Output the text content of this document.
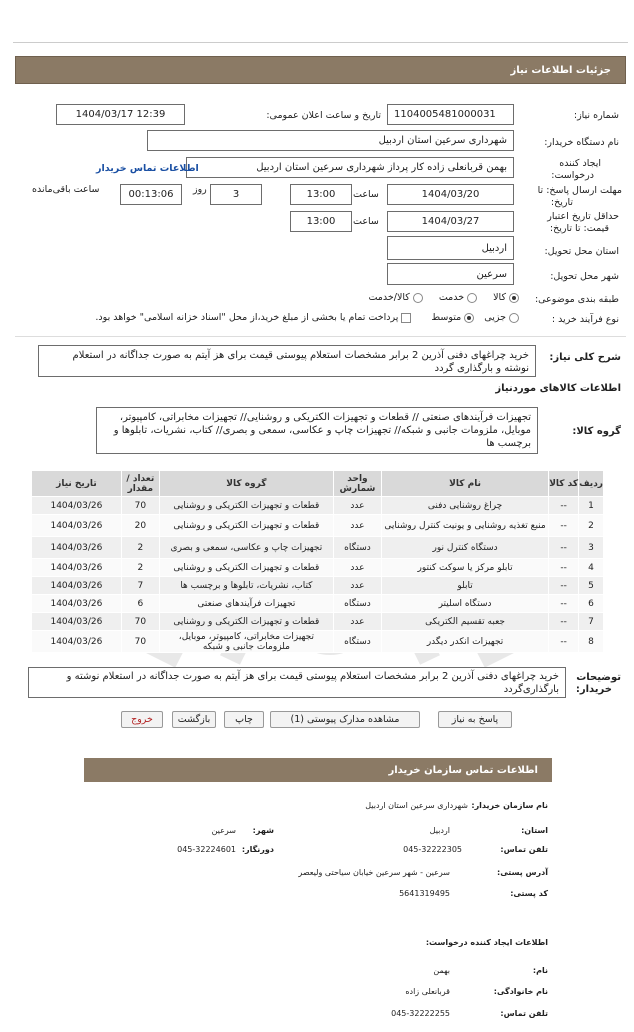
جزئیات اطلاعات نیاز
شماره نیاز:
1104005481000031
تاریخ و ساعت اعلان عمومی:
1404/03/17 12:39
نام دستگاه خریدار:
شهرداری سرعین استان اردبیل
ایجاد کننده
درخواست:
بهمن قربانعلی زاده کار پرداز شهرداری سرعین استان اردبیل
اطلاعات تماس خریدار
مهلت ارسال پاسخ: تا
تاریخ:
1404/03/20
ساعت
13:00
3
روز
00:13:06
ساعت باقی‌مانده
حداقل تاریخ اعتبار
قیمت: تا تاریخ:
1404/03/27
ساعت
13:00
استان محل تحویل:
اردبیل
شهر محل تحویل:
سرعین
طبقه بندی موضوعی:
کالا
خدمت
کالا/خدمت
نوع فرآیند خرید :
جزیی
متوسط
پرداخت تمام یا بخشی از مبلغ خرید،از محل "اسناد خزانه اسلامی" خواهد بود.
شرح کلی نیاز:
خرید چراغهای دفنی آذرین 2 برابر مشخصات استعلام پیوستی قیمت برای هز آیتم به صورت جداگانه در استعلام نوشته و بارگذاری گردد
اطلاعات کالاهای موردنیاز
گروه کالا:
تجهیزات فرآیندهای صنعتی // قطعات و تجهیزات الکتریکی و روشنایی// تجهیزات مخابراتی، کامپیوتر، موبایل، ملزومات جانبی و شبکه// تجهیزات چاپ و عکاسی، سمعی و بصری// کتاب، نشریات، تابلوها و برچسب ها
ردیف	کد کالا	نام کالا	واحد شمارش	گروه کالا	تعداد / مقدار	تاریخ نیاز
1	--	چراغ روشنایی دفنی	عدد	قطعات و تجهیزات الکتریکی و روشنایی	70	1404/03/26
2	--	منبع تغذیه روشنایی و یونیت کنترل روشنایی	عدد	قطعات و تجهیزات الکتریکی و روشنایی	20	1404/03/26
3	--	دستگاه کنترل نور	دستگاه	تجهیزات چاپ و عکاسی، سمعی و بصری	2	1404/03/26
4	--	تابلو مرکز یا سوکت کنتور	عدد	قطعات و تجهیزات الکتریکی و روشنایی	2	1404/03/26
5	--	تابلو	عدد	کتاب، نشریات، تابلوها و برچسب ها	7	1404/03/26
6	--	دستگاه اسلیتر	دستگاه	تجهیزات فرآیندهای صنعتی	6	1404/03/26
7	--	جعبه تقسیم الکتریکی	عدد	قطعات و تجهیزات الکتریکی و روشنایی	70	1404/03/26
8	--	تجهیزات انکدر دیگدر	دستگاه	تجهیزات مخابراتی، کامپیوتر، موبایل، ملزومات جانبی و شبکه	70	1404/03/26
توضیحات
خریدار:
خرید چراغهای دفنی آذرین 2 برابر مشخصات استعلام پیوستی قیمت برای هز آیتم به صورت جداگانه در استعلام نوشته و بارگذاری‌گردد
پاسخ به نیاز
مشاهده مدارک پیوستی (1)
چاپ
بازگشت
خروج
اطلاعات تماس سازمان خریدار
نام سازمان خریدار:
شهرداری سرعین استان اردبیل
استان:
اردبیل
شهر:
سرعین
تلفن تماس:
045-32222305
دورنگار:
045-32224601
آدرس پستی:
سرعین - شهر سرعین خیابان سیاحتی ولیعصر
کد پستی:
5641319495
اطلاعات ایجاد کننده درخواست:
نام:
بهمن
نام خانوادگی:
قربانعلی زاده
تلفن تماس:
045-32222255
